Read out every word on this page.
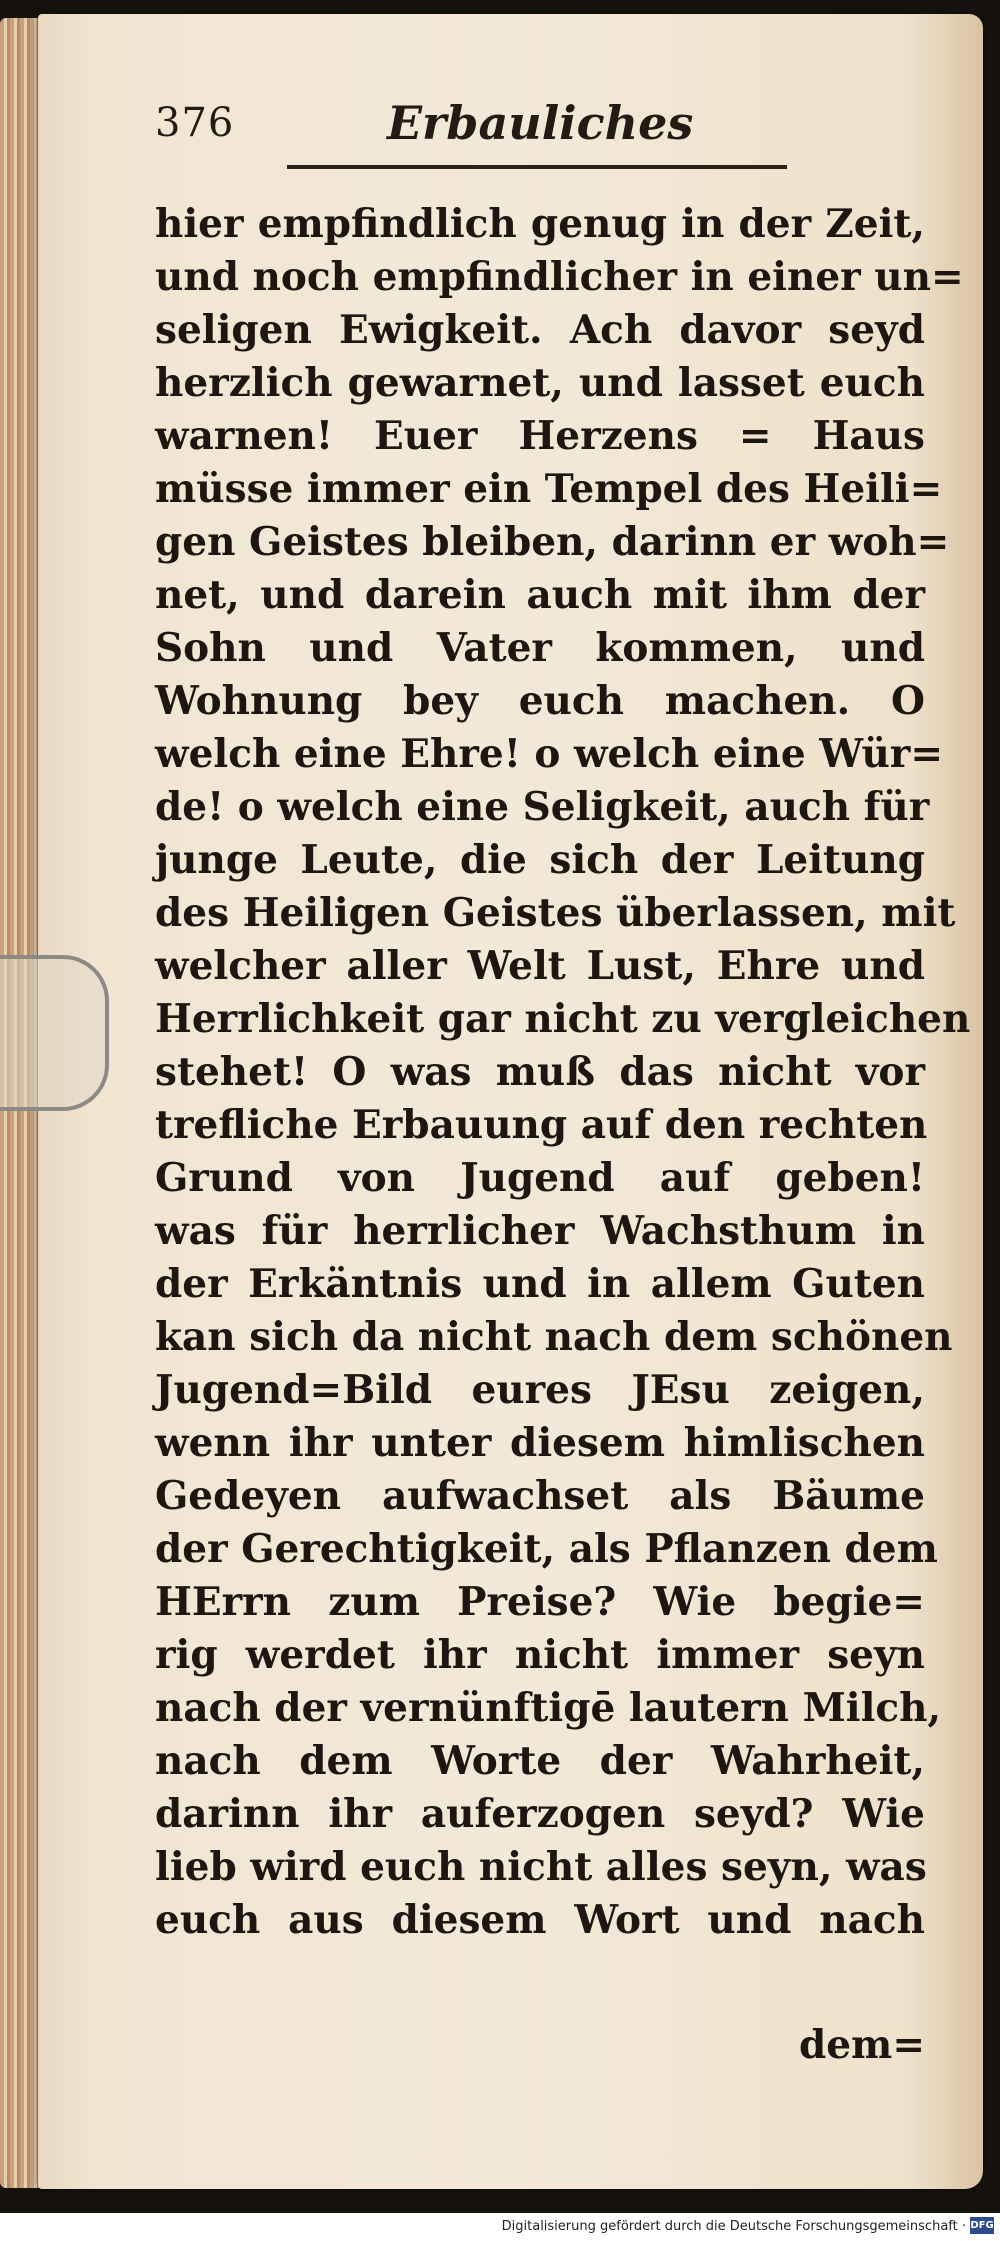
376	Erbauliches
hier empfindlich genug in der Zeit,
und noch empfindlicher in einer un=
seligen Ewigkeit. Ach davor seyd
herzlich gewarnet, und lasset euch
warnen! Euer Herzens = Haus
müsse immer ein Tempel des Heili=
gen Geistes bleiben, darinn er woh=
net, und darein auch mit ihm der
Sohn und Vater kommen, und
Wohnung bey euch machen. O
welch eine Ehre! o welch eine Wür=
de! o welch eine Seligkeit, auch für
junge Leute, die sich der Leitung
des Heiligen Geistes überlassen, mit
welcher aller Welt Lust, Ehre und
Herrlichkeit gar nicht zu vergleichen
stehet! O was muß das nicht vor
trefliche Erbauung auf den rechten
Grund von Jugend auf geben!
was für herrlicher Wachsthum in
der Erkäntnis und in allem Guten
kan sich da nicht nach dem schönen
Jugend=Bild eures JEsu zeigen,
wenn ihr unter diesem himlischen
Gedeyen aufwachset als Bäume
der Gerechtigkeit, als Pflanzen dem
HErrn zum Preise? Wie begie=
rig werdet ihr nicht immer seyn
nach der vernünftigē lautern Milch,
nach dem Worte der Wahrheit,
darinn ihr auferzogen seyd? Wie
lieb wird euch nicht alles seyn, was
euch aus diesem Wort und nach
dem=
Digitalisierung gefördert durch die Deutsche Forschungsgemeinschaft · DFG
